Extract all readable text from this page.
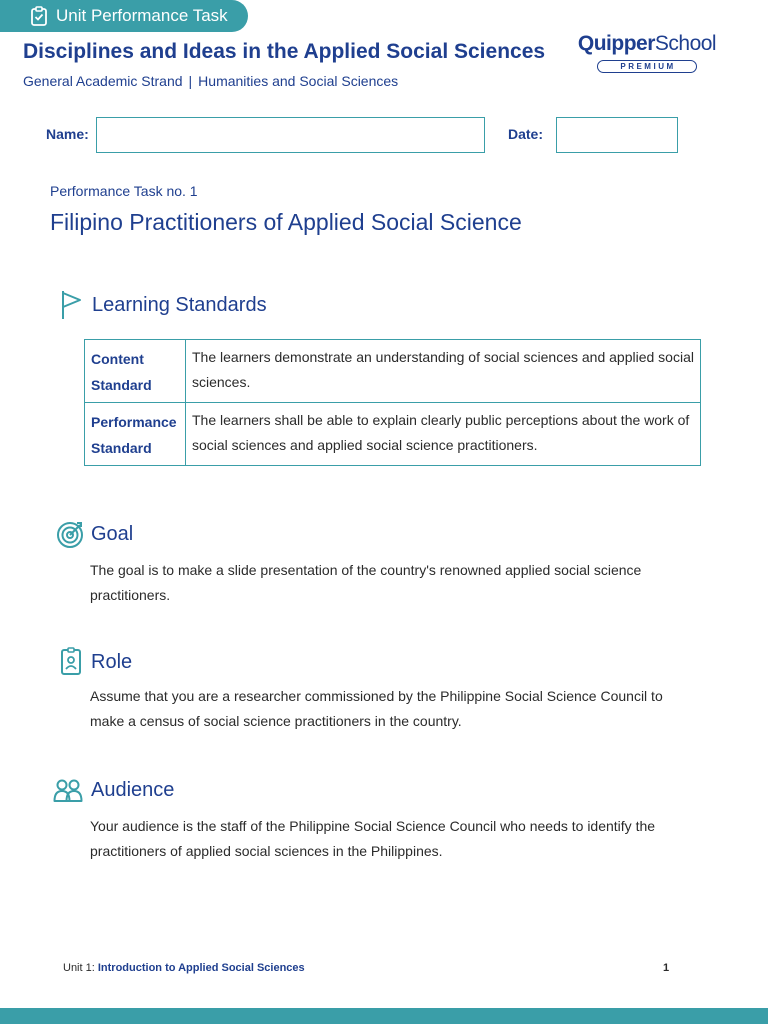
Unit Performance Task
Disciplines and Ideas in the Applied Social Sciences
General Academic Strand | Humanities and Social Sciences
QuipperSchool
PREMIUM
Name:	Date:
Performance Task no. 1
Filipino Practitioners of Applied Social Science
Learning Standards
Content
Standard	The learners demonstrate an understanding of social sciences and applied social sciences.
Performance
Standard	The learners shall be able to explain clearly public perceptions about the work of social sciences and applied social science practitioners.
Goal
The goal is to make a slide presentation of the country's renowned applied social science practitioners.
Role
Assume that you are a researcher commissioned by the Philippine Social Science Council to make a census of social science practitioners in the country.
Audience
Your audience is the staff of the Philippine Social Science Council who needs to identify the practitioners of applied social sciences in the Philippines.
Unit 1: Introduction to Applied Social Sciences	1
